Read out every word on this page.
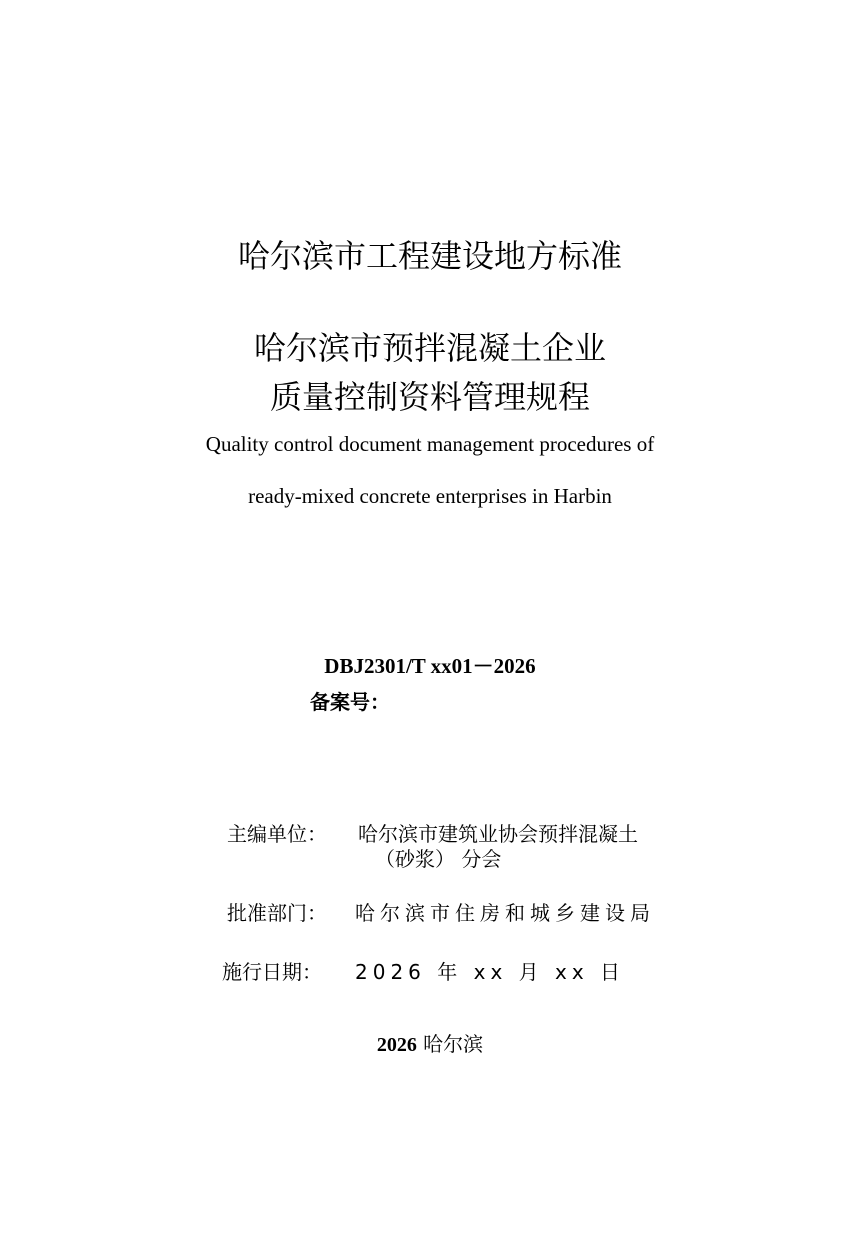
哈尔滨市工程建设地方标准
哈尔滨市预拌混凝土企业
质量控制资料管理规程
Quality control document management procedures of
ready-mixed concrete enterprises in Harbin
DBJ2301/T xx01－2026
备案号：
主编单位： 哈尔滨市建筑业协会预拌混凝土
（砂浆） 分会
批准部门： 哈尔滨市住房和城乡建设局
施行日期： 2026 年 xx 月 xx 日
2026 哈尔滨
